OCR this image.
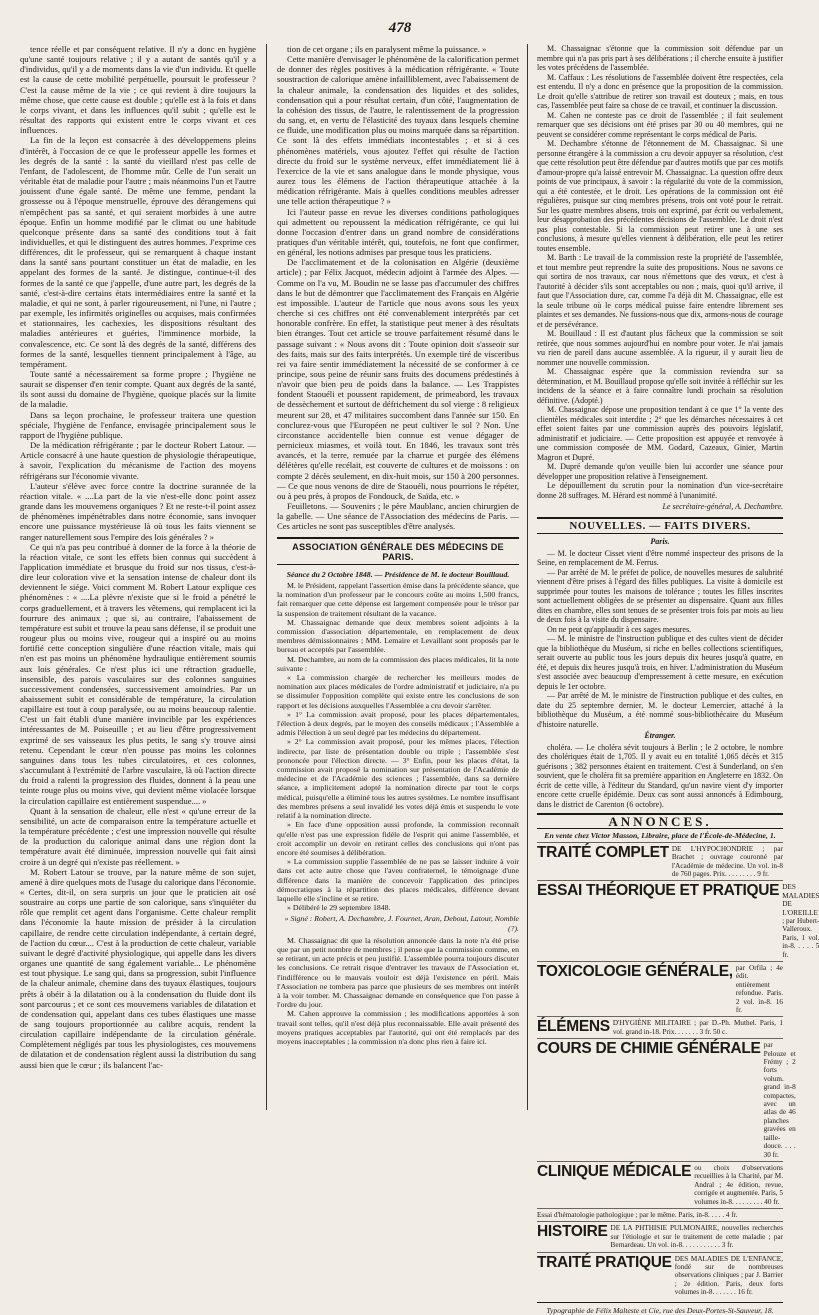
478

tence réelle et par conséquent relative. Il n'y a donc en hygiène qu'une santé toujours relative ; il y a autant de santés qu'il y a d'individus, qu'il y a de moments dans la vie d'un individu. Et quelle est la cause de cette mobilité perpétuelle, poursuit le professeur ? C'est la cause même de la vie ; ce qui revient à dire toujours la même chose, que cette cause est double ; qu'elle est à la fois et dans le corps vivant, et dans les influences qu'il subit ; qu'elle est le résultat des rapports qui existent entre le corps vivant et ces influences.

La fin de la leçon est consacrée à des développemens pleins d'intérêt, à l'occasion de ce que le professeur appelle les formes et les degrés de la santé : la santé du vieillard n'est pas celle de l'enfant, de l'adolescent, de l'homme mûr. Celle de l'un serait un véritable état de maladie pour l'autre ; mais néanmoins l'un et l'autre jouissent d'une égale santé. De même une femme, pendant la grossesse ou à l'époque menstruelle, éprouve des dérangemens qui n'empêchent pas sa santé, et qui seraient morbides à une autre époque. Enfin un homme modifié par le climat ou une habitude quelconque présente dans sa santé des conditions tout à fait individuelles, et qui le distinguent des autres hommes. J'exprime ces différences, dit le professeur, qui se remarquent à chaque instant dans la santé sans pourtant constituer un état de maladie, en les appelant des formes de la santé. Je distingue, continue-t-il des formes de la santé ce que j'appelle, d'une autre part, les degrés de la santé, c'est-à-dire certains états intermédiaires entre la santé et la maladie, et qui ne sont, à parler rigoureusement, ni l'une, ni l'autre ; par exemple, les infirmités originelles ou acquises, mais confirmées et stationnaires, les cachexies, les dispositions résultant des maladies antérieures et guéries, l'imminence morbide, la convalescence, etc. Ce sont là des degrés de la santé, différens des formes de la santé, lesquelles tiennent principalement à l'âge, au tempérament.

Toute santé a nécessairement sa forme propre ; l'hygiène ne saurait se dispenser d'en tenir compte. Quant aux degrés de la santé, ils sont aussi du domaine de l'hygiène, quoique placés sur la limite de la maladie.

Dans sa leçon prochaine, le professeur traitera une question spéciale, l'hygiène de l'enfance, envisagée principalement sous le rapport de l'hygiène publique.

De la médication réfrigérante ; par le docteur Robert Latour. — Article consacré à une haute question de physiologie thérapeutique, à savoir, l'explication du mécanisme de l'action des moyens réfrigérans sur l'économie vivante.

L'auteur s'élève avec force contre la doctrine surannée de la réaction vitale. « ....La part de la vie n'est-elle donc point assez grande dans les mouvemens organiques ? Et ne reste-t-il point assez de phénomènes impénétrables dans notre économie, sans invoquer encore une puissance mystérieuse là où tous les faits viennent se ranger naturellement sous l'empire des lois générales ? »

Ce qui n'a pas peu contribué à donner de la force à la théorie de la réaction vitale, ce sont les effets bien connus qui succèdent à l'application immédiate et brusque du froid sur nos tissus, c'est-à-dire leur coloration vive et la sensation intense de chaleur dont ils deviennent le siége. Voici comment M. Robert Latour explique ces phénomènes : « ....La plèvre n'existe que si le froid a pénétré le corps graduellement, et à travers les vêtemens, qui remplacent ici la fourrure des animaux ; que si, au contraire, l'abaissement de température est subit et trouve la peau sans défense, il se produit une rougeur plus ou moins vive, rougeur qui a inspiré ou au moins fortifié cette conception singulière d'une réaction vitale, mais qui n'en est pas moins un phénomène hydraulique entièrement soumis aux lois générales. Ce n'est plus ici une rétraction graduelle, insensible, des parois vasculaires sur des colonnes sanguines successivement condensées, successivement amoindries. Par un abaissement subit et considérable de température, la circulation capillaire est tout à coup paralysée, ou au moins beaucoup ralentie. C'est un fait établi d'une manière invincible par les expériences intéressantes de M. Poiseuille ; et au lieu d'être progressivement exprimé de ses vaisseaux les plus petits, le sang s'y trouve ainsi retenu. Cependant le cœur n'en pousse pas moins les colonnes sanguines dans tous les tubes circulatoires, et ces colonnes, s'accumulant à l'extrémité de l'arbre vasculaire, là où l'action directe du froid a ralenti la progression des fluides, donnent à la peau une teinte rouge plus ou moins vive, qui devient même violacée lorsque la circulation capillaire est entièrement suspendue.... »

Quant à la sensation de chaleur, elle n'est « qu'une erreur de la sensibilité, un acte de comparaison entre la température actuelle et la température précédente ; c'est une impression nouvelle qui résulte de la production du calorique animal dans une région dont la température avait été diminuée, impression nouvelle qui fait ainsi croire à un degré qui n'existe pas réellement. »

M. Robert Latour se trouve, par la nature même de son sujet, amené à dire quelques mots de l'usage du calorique dans l'économie. « Certes, dit-il, on sera surpris un jour que le praticien ait osé soustraire au corps une partie de son calorique, sans s'inquiéter du rôle que remplit cet agent dans l'organisme. Cette chaleur remplit dans l'économie la haute mission de présider à la circulation capillaire, de rendre cette circulation indépendante, à certain degré, de l'action du cœur.... C'est à la production de cette chaleur, variable suivant le degré d'activité physiologique, qui appelle dans les divers organes une quantité de sang également variable... Le phénomène est tout physique. Le sang qui, dans sa progression, subit l'influence de la chaleur animale, chemine dans des tuyaux élastiques, toujours prêts à obéir à la dilatation ou à la condensation du fluide dont ils sont parcourus ; et ce sont ces mouvemens variables de dilatation et de condensation qui, appelant dans ces tubes élastiques une masse de sang toujours proportionnée au calibre acquis, rendent la circulation capillaire indépendante de la circulation générale. Complètement négligés par tous les physiologistes, ces mouvemens de dilatation et de condensation règlent aussi la distribution du sang aussi bien que le cœur ; ils balancent l'ac-

tion de cet organe ; ils en paralysent même la puissance. »

Cette manière d'envisager le phénomène de la calorification permet de donner des règles positives à la médication réfrigérante. « Toute soustraction de calorique amène infailliblement, avec l'abaissement de la chaleur animale, la condensation des liquides et des solides, condensation qui a pour résultat certain, d'un côté, l'augmentation de la cohésion des tissus, de l'autre, le ralentissement de la progression du sang, et, en vertu de l'élasticité des tuyaux dans lesquels chemine ce fluide, une modification plus ou moins marquée dans sa répartition. Ce sont là des effets immédiats incontestables ; et si à ces phénomènes matériels, vous ajoutez l'effet qui résulte de l'action directe du froid sur le système nerveux, effet immédiatement lié à l'exercice de la vie et sans analogue dans le monde physique, vous aurez tous les élémens de l'action thérapeutique attachée à la médication réfrigérante. Mais à quelles conditions meubles adresser une telle action thérapeutique ? »

Ici l'auteur passe en revue les diverses conditions pathologiques qui admettent ou repoussent la médication réfrigérante, ce qui lui donne l'occasion d'entrer dans un grand nombre de considérations pratiques d'un véritable intérêt, qui, toutefois, ne font que confirmer, en général, les notions admises par presque tous les praticiens.

De l'acclimatement et de la colonisation en Algérie (deuxième article) ; par Félix Jacquot, médecin adjoint à l'armée des Alpes. — Comme on l'a vu, M. Boudin ne se lasse pas d'accumuler des chiffres dans le but de démontrer que l'acclimatement des Français en Algérie est impossible. L'auteur de l'article que nous avons sous les yeux cherche si ces chiffres ont été convenablement interprétés par cet honorable confrère. En effet, la statistique peut mener à des résultats bien étranges. Tout cet article se trouve parfaitement résumé dans le passage suivant : « Nous avons dit : Toute opinion doit s'asseoir sur des faits, mais sur des faits interprétés. Un exemple tiré de visceribus rei va faire sentir immédiatement la nécessité de se conformer à ce principe, sous peine de réunir sans fruits des documens prédestinés à n'avoir que bien peu de poids dans la balance. — Les Trappistes fondent Staouéli et poussent rapidement, de primeabord, les travaux de dessèchement et surtout de défrichement du sol vierge : 8 religieux meurent sur 28, et 47 militaires succombent dans l'année sur 150. En conclurez-vous que l'Européen ne peut cultiver le sol ? Non. Une circonstance accidentelle bien connue est venue dégager de pernicieux miasmes, et voilà tout. En 1846, les travaux sont très avancés, et la terre, remuée par la charrue et purgée des élémens délétères qu'elle recélait, est couverte de cultures et de moissons : on compte 2 décès seulement, en dix-huit mois, sur 150 à 200 personnes. — Ce que nous venons de dire de Staouéli, nous pourrions le répéter, ou à peu près, à propos de Fondouck, de Saïda, etc. »

Feuilletons. — Souvenirs ; le père Maublanc, ancien chirurgien de la gabelle. — Une séance de l'Association des médecins de Paris. — Ces articles ne sont pas susceptibles d'être analysés.

ASSOCIATION GÉNÉRALE DES MÉDECINS DE PARIS.
Séance du 2 Octobre 1848. — Présidence de M. le docteur Bouillaud.

M. le Président, rappelant l'assertion émise dans la précédente séance, que la nomination d'un professeur par le concours coûte au moins 1,500 francs, fait remarquer que cette dépense est largement compensée pour le trésor par la suspension de traitement résultant de la vacance.

M. Chassaignac demande que deux membres soient adjoints à la commission d'association départementale, en remplacement de deux membres démissionnaires ; MM. Lemaire et Levaillant sont proposés par le bureau et acceptés par l'assemblée.

M. Dechambre, au nom de la commission des places médicales, lit la note suivante :

« La commission chargée de rechercher les meilleurs modes de nomination aux places médicales de l'ordre administratif et judiciaire, n'a pu se dissimuler l'opposition complète qui existe entre les conclusions de son rapport et les décisions auxquelles l'Assemblée a cru devoir s'arrêter.

» 1° La commission avait proposé, pour les places départementales, l'élection à deux degrés, par le moyen des conseils médicaux ; l'Assemblée a admis l'élection à un seul degré par les médecins du département.

» 2° La commission avait proposé, pour les mêmes places, l'élection indirecte, par liste de présentation double ou triple ; l'assemblée s'est prononcée pour l'élection directe. — 3° Enfin, pour les places d'état, la commission avait proposé la nomination sur présentation de l'Académie de médecine et de l'Académie des sciences ; l'assemblée, dans sa dernière séance, a implicitement adopté la nomination directe par tout le corps médical, puisqu'elle a éliminé tous les autres systèmes. Le nombre insuffisant des membres présens a seul invalidé les votes déjà émis et suspendu le vote relatif à la nomination directe.

» En face d'une opposition aussi profonde, la commission reconnaît qu'elle n'est pas une expression fidèle de l'esprit qui anime l'assemblée, et croit accomplir un devoir en retirant celles des conclusions qui n'ont pas encore été soumises à délibération.

» La commission supplie l'assemblée de ne pas se laisser induire à voir dans cet acte autre chose que l'aveu confraternel, le témoignage d'une différence dans la manière de concevoir l'application des principes démocratiques à la répartition des places médicales, différence devant laquelle elle s'incline et se retire.

» Délibéré le 29 septembre 1848.

» Signé : Robert, A. Dechambre, J. Fournet, Aran, Debout, Latour, Nomble (?).

M. Chassaignac dit que la résolution annoncée dans la note n'a été prise que par un petit nombre de membres ; il pense que la commission comme, en se retirant, un acte précis et peu justifié. L'assemblée pourra toujours discuter les conclusions. Ce retrait risque d'entraver les travaux de l'Association et, l'indifférence ou le mauvais vouloir est déjà l'existence en péril. Mais l'Association ne tombera pas parce que plusieurs de ses membres ont intérêt à la voir tomber. M. Chassaignac demande en conséquence que l'on passe à l'ordre du jour.

M. Cahen approuve la commission ; les modifications apportées à son travail sont telles, qu'il n'est déjà plus reconnaissable. Elle avait présenté des moyens pratiques acceptables par l'autorité, qui ont été remplacés par des moyens inacceptables ; la commission n'a donc plus rien à faire ici.

M. Chassaignac s'étonne que la commission soit défendue par un membre qui n'a pas pris part à ses délibérations ; il cherche ensuite à justifier les votes précédens de l'assemblée.

M. Caffaux : Les résolutions de l'assemblée doivent être respectées, cela est entendu. Il n'y a donc en présence que la proposition de la commission. Le droit qu'elle s'attribue de retirer son travail est douteux ; mais, en tous cas, l'assemblée peut faire sa chose de ce travail, et continuer la discussion.

M. Cahen ne conteste pas ce droit de l'assemblée ; il fait seulement remarquer que ses décisions ont été prises par 30 ou 40 membres, qui ne peuvent se considérer comme représentant le corps médical de Paris.

M. Dechambre s'étonne de l'étonnement de M. Chassaignac. Si une personne étrangère à la commission a cru devoir appuyer sa résolution, c'est que cette résolution peut être défendue par d'autres motifs que par ces motifs d'amour-propre qu'a laissé entrevoir M. Chassaignac. La question offre deux points de vue principaux, à savoir : la régularité du vote de la commission, qui a été contestée, et le droit. Les opérations de la commission ont été régulières, puisque sur cinq membres présens, trois ont voté pour le retrait. Sur les quatre membres absens, trois ont exprimé, par écrit ou verbalement, leur désapprobation des précédentes décisions de l'assemblée. Le droit n'est pas plus contestable. Si la commission peut retirer une à une ses conclusions, à mesure qu'elles viennent à délibération, elle peut les retirer toutes ensemble.

M. Barth : Le travail de la commission reste la propriété de l'assemblée, et tout membre peut reprendre la suite des propositions. Nous ne savons ce qui sortira de nos travaux, car nous n'émettons que des vœux, et c'est à l'autorité à décider s'ils sont acceptables ou non ; mais, quoi qu'il arrive, il faut que l'Association dure, car, comme l'a déjà dit M. Chassaignac, elle est la seule tribune où le corps médical puisse faire entendre librement ses plaintes et ses demandes. Ne fussions-nous que dix, armons-nous de courage et de persévérance.

M. Bouillaud : Il est d'autant plus fâcheux que la commission se soit retirée, que nous sommes aujourd'hui en nombre pour voter. Je n'ai jamais vu rien de pareil dans aucune assemblée. A la rigueur, il y aurait lieu de nommer une nouvelle commission.

M. Chassaignac espère que la commission reviendra sur sa détermination, et M. Bouillaud propose qu'elle soit invitée à réfléchir sur les incidens de la séance et à faire connaître lundi prochain sa résolution définitive. (Adopté.)

M. Chassaignac dépose une proposition tendant à ce que 1° la vente des clientèles médicales soit interdite ; 2° que les démarches nécessaires à cet effet soient faites par une commission auprès des pouvoirs législatif, administratif et judiciaire. — Cette proposition est appuyée et renvoyée à une commission composée de MM. Godard, Cazeaux, Ginier, Martin Magron et Dupré.

M. Dupré demande qu'on veuille bien lui accorder une séance pour développer une proposition relative à l'enseignement.

Le dépouillement du scrutin pour la nomination d'un vice-secrétaire donne 28 suffrages. M. Hérard est nommé à l'unanimité.

Le secrétaire-général, A. Dechambre.
NOUVELLES. — FAITS DIVERS.
Paris.

— M. le docteur Cisset vient d'être nommé inspecteur des prisons de la Seine, en remplacement de M. Ferrus.

— Par arrêté de M. le préfet de police, de nouvelles mesures de salubrité viennent d'être prises à l'égard des filles publiques. La visite à domicile est supprimée pour toutes les maisons de tolérance ; toutes les filles inscrites sont actuellement obligées de se présenter au dispensaire. Quant aux filles dites en chambre, elles sont tenues de se présenter trois fois par mois au lieu de deux fois à la visite du dispensaire.

On ne peut qu'applaudir à ces sages mesures.

— M. le ministre de l'instruction publique et des cultes vient de décider que la bibliothèque du Muséum, si riche en belles collections scientifiques, serait ouverte au public tous les jours depuis dix heures jusqu'à quatre, en été, et depuis dix heures jusqu'à trois, en hiver. L'administration du Muséum s'est associée avec beaucoup d'empressement à cette mesure, en exécution depuis le 1er octobre.

— Par arrêté de M. le ministre de l'instruction publique et des cultes, en date du 25 septembre dernier, M. le docteur Lemercier, attaché à la bibliothèque du Muséum, a été nommé sous-bibliothécaire du Muséum d'histoire naturelle.

Étranger.

choléra. — Le choléra sévit toujours à Berlin ; le 2 octobre, le nombre des cholériques était de 1,705. Il y avait eu en totalité 1,065 décès et 315 guérisons ; 382 personnes étaient en traitement. C'est à Sunderland, on s'en souvient, que le choléra fit sa première apparition en Angleterre en 1832. On écrit de cette ville, à l'éditeur du Standard, qu'un navire vient d'y importer encore cette cruelle épidémie. Deux cas sont aussi annoncés à Edimbourg, dans le district de Carenton (6 octobre).

ANNONCES.
En vente chez Victor Masson, Libraire, place de l'École-de-Médecine, 1.
TRAITÉ COMPLET DE L'HYPOCHONDRIE ; par Brachet ; ouvrage couronné par l'Académie de médecine. Un vol. in-8 de 760 pages. Prix. . . . . . . . . 9 fr.
ESSAI THÉORIQUE ET PRATIQUE DES MALADIES DE L'OREILLE ; par Hubert-Valleroux. Paris, 1 vol. in-8. . . . . 5 fr.
TOXICOLOGIE GÉNÉRALE, par Orfila ; 4e édit. entièrement refondue. Paris. 2 vol. in-8. 16 fr.
ÉLÉMENS D'HYGIÈNE MILITAIRE ; par D.-Ph. Muthel. Paris, 1 vol. grand in-18. Prix. . . . . . . 3 fr. 50 c.
COURS DE CHIMIE GÉNÉRALE par Pelouze et Frémy ; 2 forts volum. grand in-8 compactes, avec un atlas de 46 planches gravées en taille-douce. . . . 30 fr.
CLINIQUE MÉDICALE ou choix d'observations recueillies à la Charité, par M. Andral ; 4e édition, revue, corrigée et augmentée. Paris, 5 volumes in-8. . . . . . . . . 40 fr.
Essai d'hématologie pathologique ; par le même. Paris, in-8. . . . . 4 fr.
HISTOIRE DE LA PHTHISIE PULMONAIRE, nouvelles recherches sur l'étiologie et sur le traitement de cette maladie ; par Bernardeau. Un vol. in-8. . . . . . . . . . . 3 fr.
TRAITÉ PRATIQUE DES MALADIES DE L'ENFANCE, fondé sur de nombreuses observations cliniques ; par J. Barrier ; 2e édition. Paris, deux forts volumes in-8. . . . . . . 16 fr.
Typographie de Félix Malteste et Cie, rue des Deux-Portes-St-Sauveur, 18.
